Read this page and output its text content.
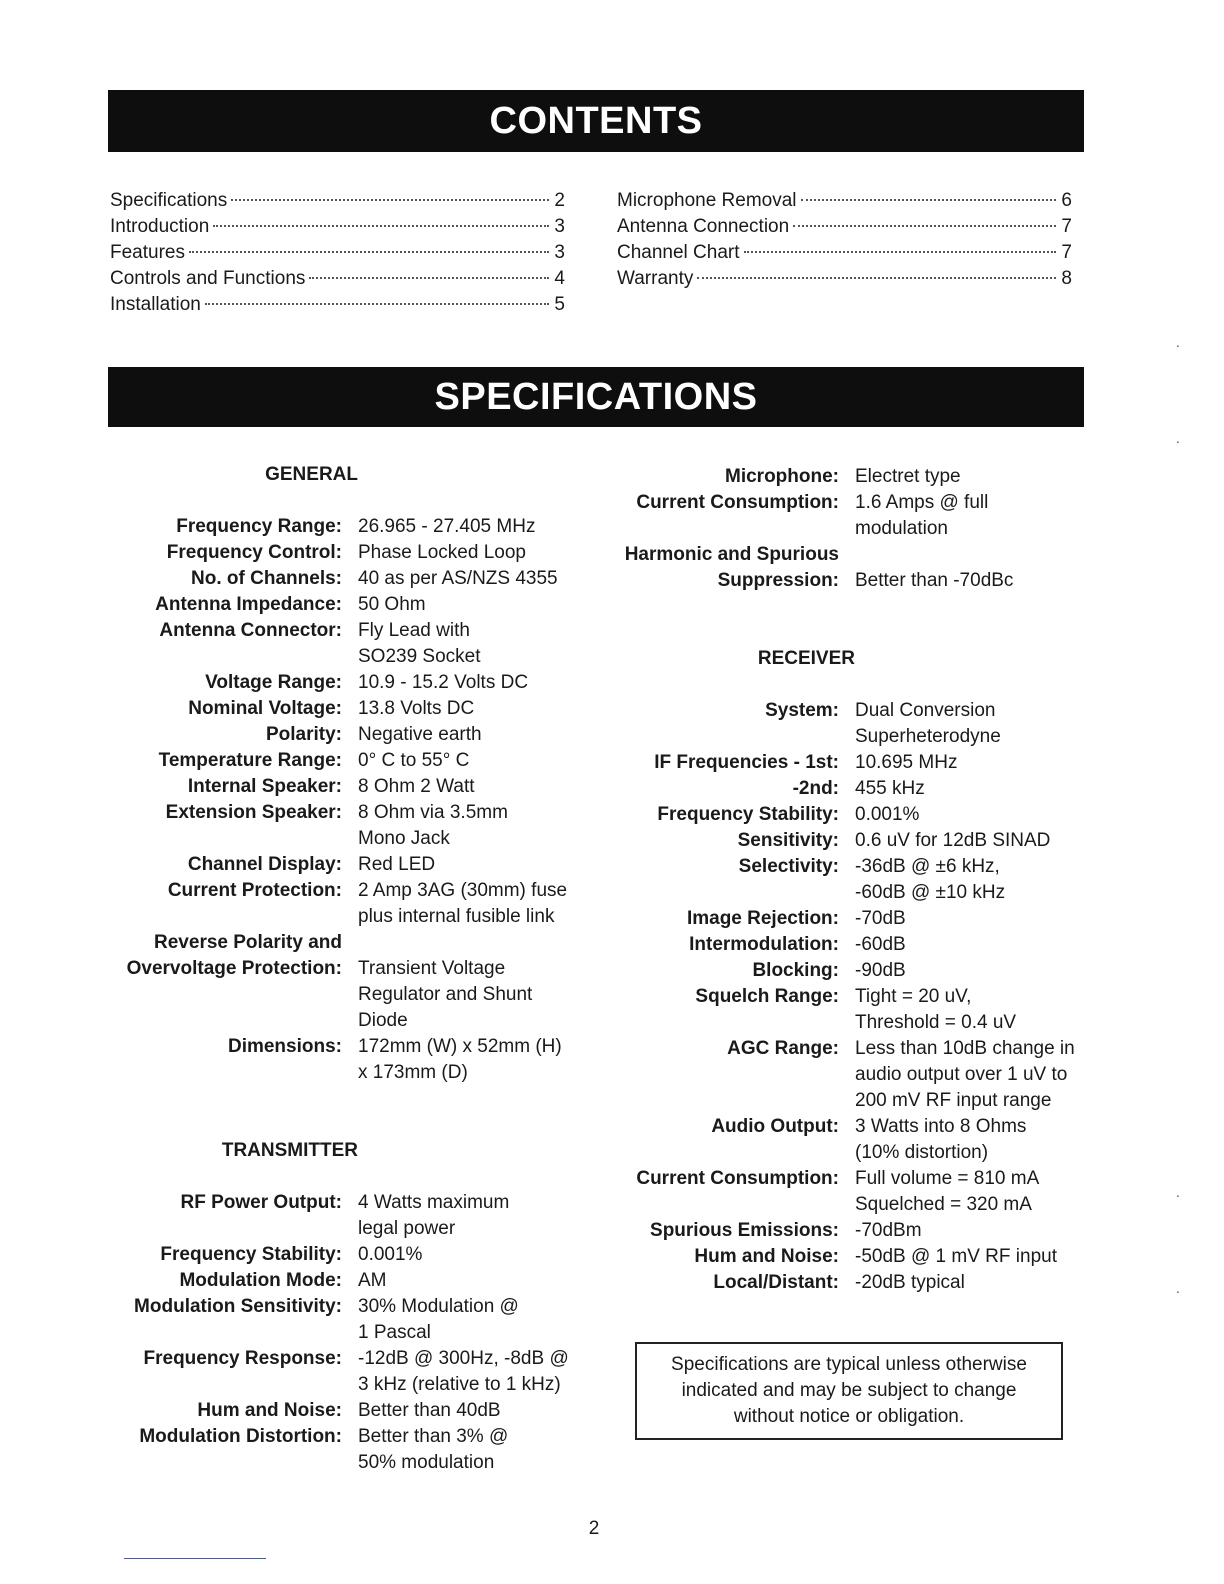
CONTENTS
Specifications	2
Introduction	3
Features	3
Controls and Functions	4
Installation	5
Microphone Removal	6
Antenna Connection	7
Channel Chart	7
Warranty	8
SPECIFICATIONS
GENERAL
Frequency Range: 26.965 - 27.405 MHz
Frequency Control: Phase Locked Loop
No. of Channels: 40 as per AS/NZS 4355
Antenna Impedance: 50 Ohm
Antenna Connector: Fly Lead with
SO239 Socket
Voltage Range: 10.9 - 15.2 Volts DC
Nominal Voltage: 13.8 Volts DC
Polarity: Negative earth
Temperature Range: 0° C to 55° C
Internal Speaker: 8 Ohm 2 Watt
Extension Speaker: 8 Ohm via 3.5mm
Mono Jack
Channel Display: Red LED
Current Protection: 2 Amp 3AG (30mm) fuse
plus internal fusible link
Reverse Polarity and
Overvoltage Protection: Transient Voltage
Regulator and Shunt
Diode
Dimensions: 172mm (W) x 52mm (H)
x 173mm (D)
TRANSMITTER
RF Power Output: 4 Watts maximum
legal power
Frequency Stability: 0.001%
Modulation Mode: AM
Modulation Sensitivity: 30% Modulation @
1 Pascal
Frequency Response: -12dB @ 300Hz, -8dB @
3 kHz (relative to 1 kHz)
Hum and Noise: Better than 40dB
Modulation Distortion: Better than 3% @
50% modulation
Microphone: Electret type
Current Consumption: 1.6 Amps @ full
modulation
Harmonic and Spurious
Suppression: Better than -70dBc
RECEIVER
System: Dual Conversion
Superheterodyne
IF Frequencies - 1st: 10.695 MHz
-2nd: 455 kHz
Frequency Stability: 0.001%
Sensitivity: 0.6 uV for 12dB SINAD
Selectivity: -36dB @ ±6 kHz,
-60dB @ ±10 kHz
Image Rejection: -70dB
Intermodulation: -60dB
Blocking: -90dB
Squelch Range: Tight = 20 uV,
Threshold = 0.4 uV
AGC Range: Less than 10dB change in
audio output over 1 uV to
200 mV RF input range
Audio Output: 3 Watts into 8 Ohms
(10% distortion)
Current Consumption: Full volume = 810 mA
Squelched = 320 mA
Spurious Emissions: -70dBm
Hum and Noise: -50dB @ 1 mV RF input
Local/Distant: -20dB typical
Specifications are typical unless otherwise
indicated and may be subject to change
without notice or obligation.
2
‧
‧
‧
‧
